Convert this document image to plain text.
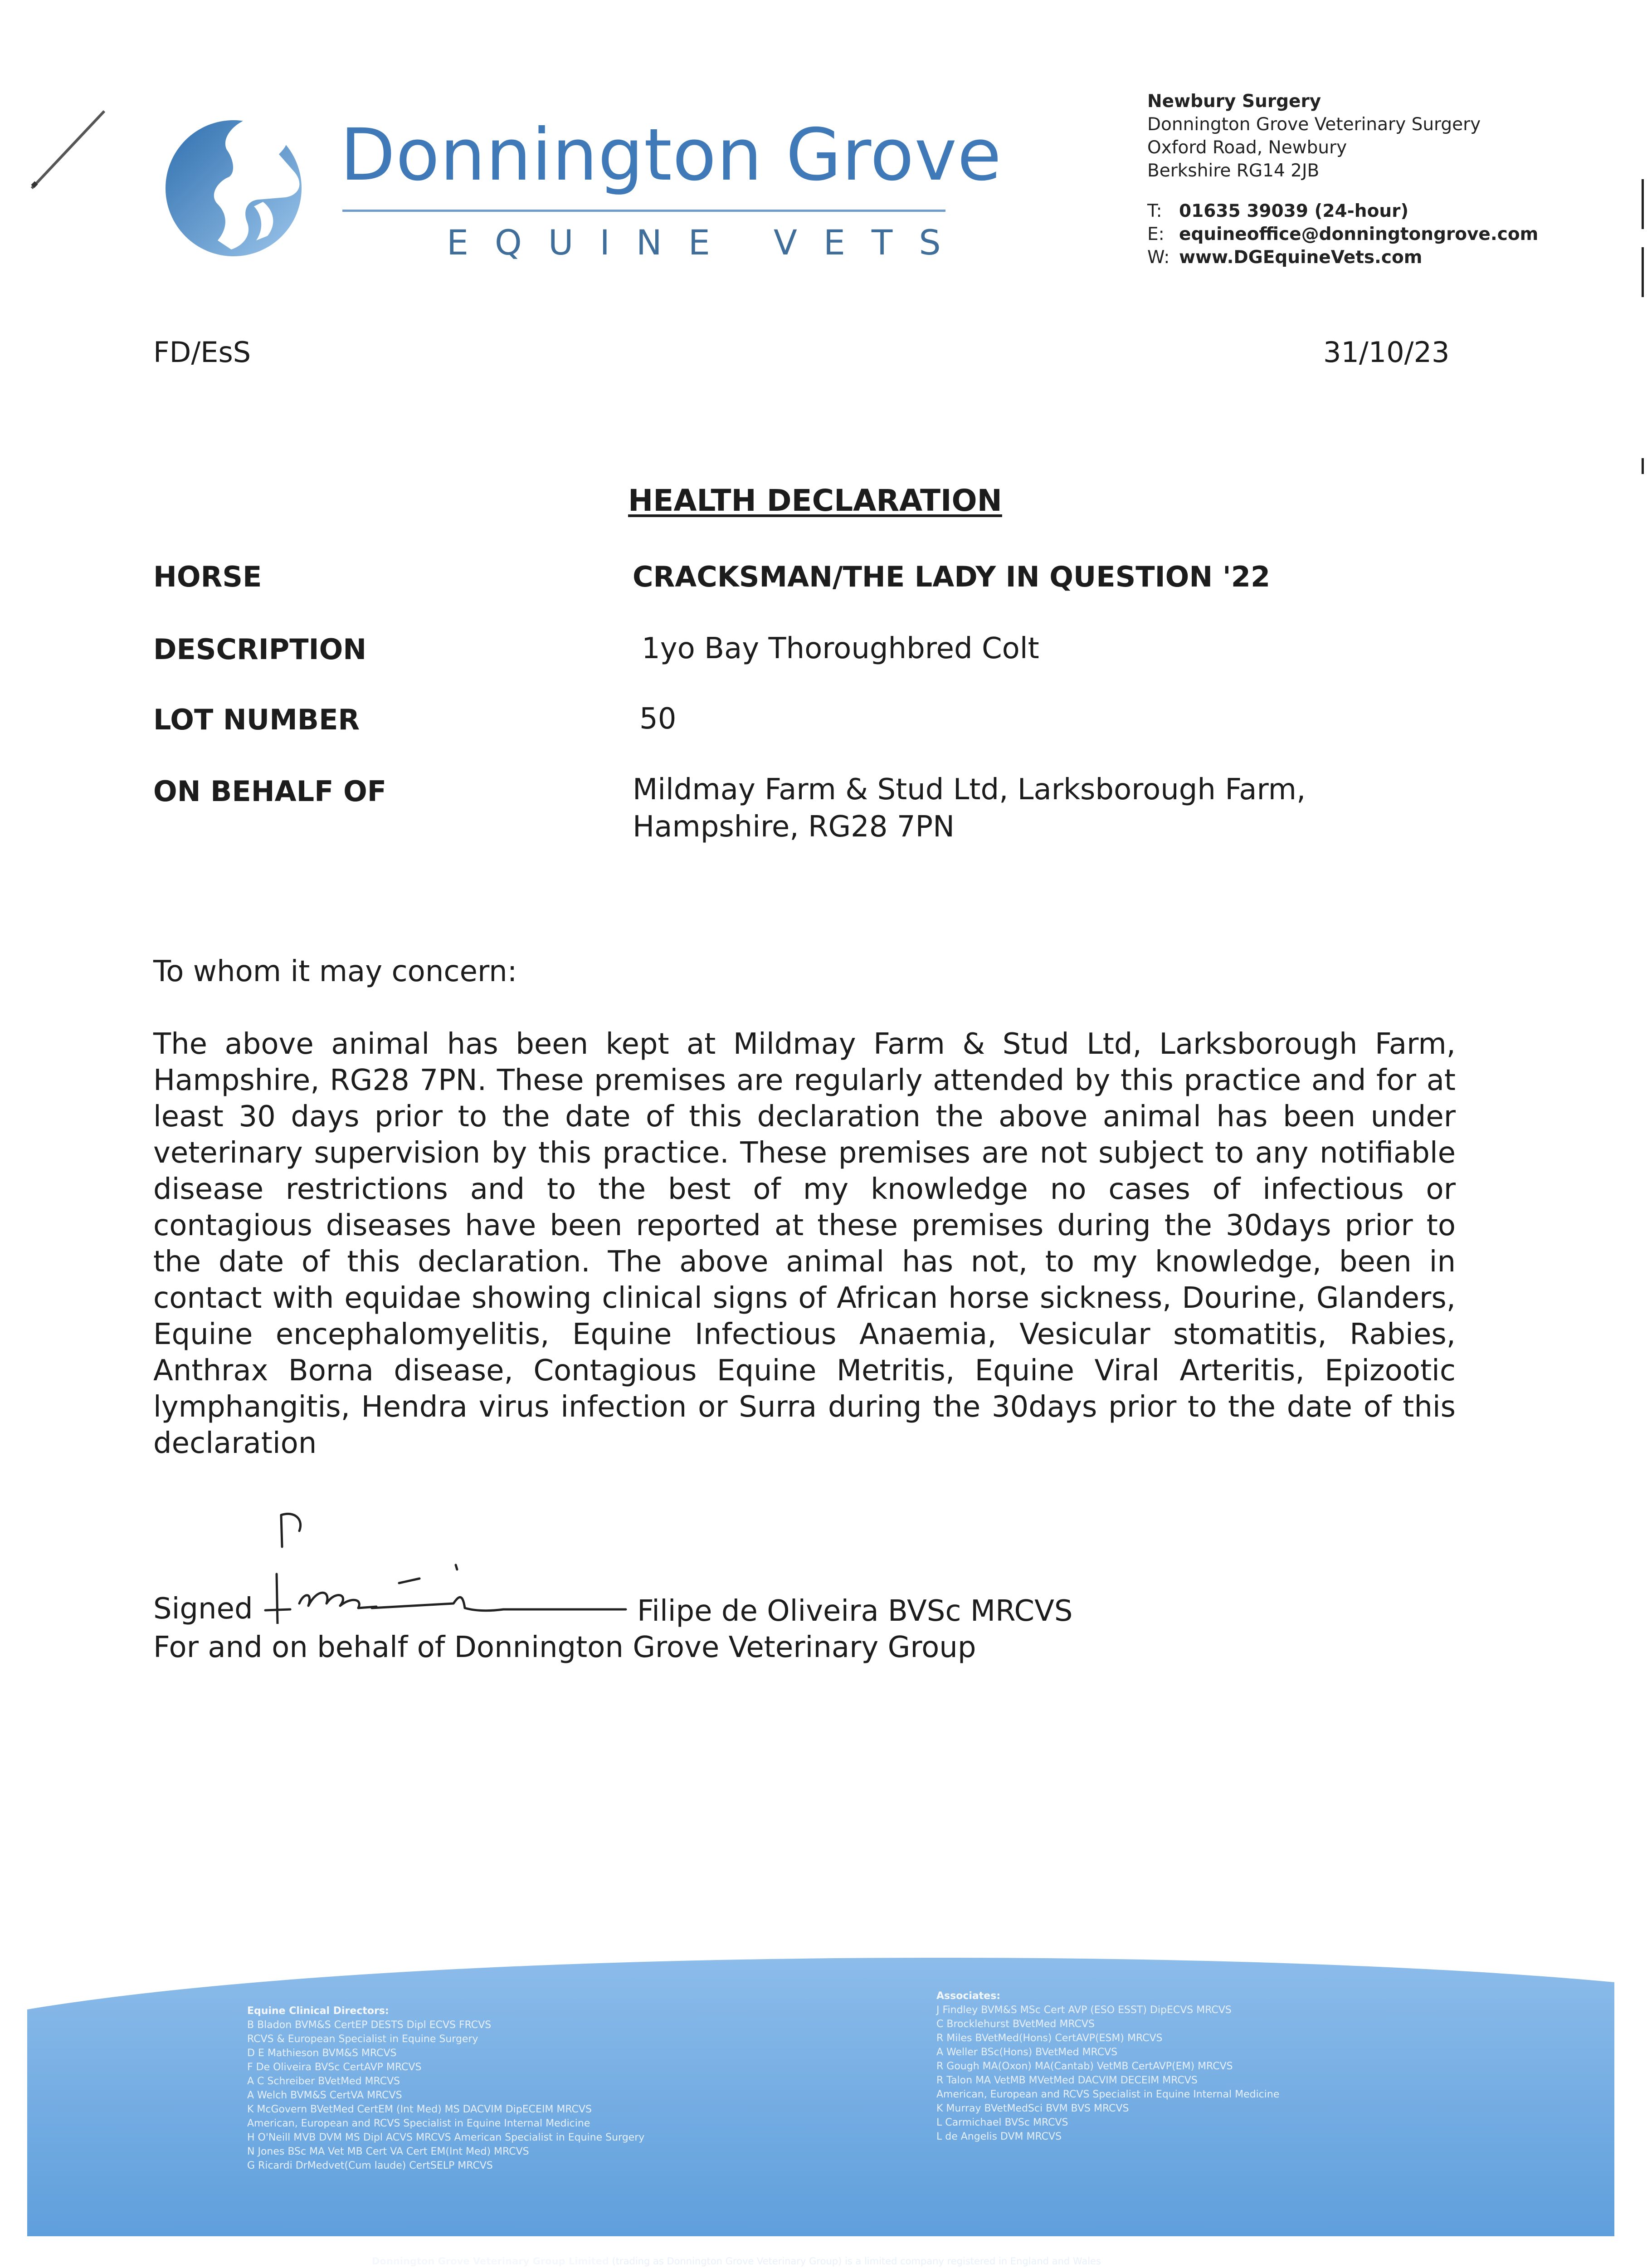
Donnington Grove
EQUINE VETS
Newbury Surgery
Donnington Grove Veterinary Surgery
Oxford Road, Newbury
Berkshire RG14 2JB
T: 01635 39039 (24-hour)
E: equineoffice@donningtongrove.com
W: www.DGEquineVets.com
FD/EsS	31/10/23
HEALTH DECLARATION
HORSE	CRACKSMAN/THE LADY IN QUESTION '22
DESCRIPTION	1yo Bay Thoroughbred Colt
LOT NUMBER	50
ON BEHALF OF	Mildmay Farm & Stud Ltd, Larksborough Farm,
Hampshire, RG28 7PN
To whom it may concern:
The above animal has been kept at Mildmay Farm & Stud Ltd, Larksborough Farm, Hampshire, RG28 7PN. These premises are regularly attended by this practice and for at least 30 days prior to the date of this declaration the above animal has been under veterinary supervision by this practice. These premises are not subject to any notifiable disease restrictions and to the best of my knowledge no cases of infectious or contagious diseases have been reported at these premises during the 30days prior to the date of this declaration. The above animal has not, to my knowledge, been in contact with equidae showing clinical signs of African horse sickness, Dourine, Glanders, Equine encephalomyelitis, Equine Infectious Anaemia, Vesicular stomatitis, Rabies, Anthrax Borna disease, Contagious Equine Metritis, Equine Viral Arteritis, Epizootic lymphangitis, Hendra virus infection or Surra during the 30days prior to the date of this declaration
Signed	Filipe de Oliveira BVSc MRCVS
For and on behalf of Donnington Grove Veterinary Group
Equine Clinical Directors:
B Bladon BVM&S CertEP DESTS Dipl ECVS FRCVS
RCVS & European Specialist in Equine Surgery
D E Mathieson BVM&S MRCVS
F De Oliveira BVSc CertAVP MRCVS
A C Schreiber BVetMed MRCVS
A Welch BVM&S CertVA MRCVS
K McGovern BVetMed CertEM (Int Med) MS DACVIM DipECEIM MRCVS
American, European and RCVS Specialist in Equine Internal Medicine
H O'Neill MVB DVM MS Dipl ACVS MRCVS American Specialist in Equine Surgery
N Jones BSc MA Vet MB Cert VA Cert EM(Int Med) MRCVS
G Ricardi DrMedvet(Cum laude) CertSELP MRCVS
Associates:
J Findley BVM&S MSc Cert AVP (ESO ESST) DipECVS MRCVS
C Brocklehurst BVetMed MRCVS
R Miles BVetMed(Hons) CertAVP(ESM) MRCVS
A Weller BSc(Hons) BVetMed MRCVS
R Gough MA(Oxon) MA(Cantab) VetMB CertAVP(EM) MRCVS
R Talon MA VetMB MVetMed DACVIM DECEIM MRCVS
American, European and RCVS Specialist in Equine Internal Medicine
K Murray BVetMedSci BVM BVS MRCVS
L Carmichael BVSc MRCVS
L de Angelis DVM MRCVS
Donnington Grove Veterinary Group Limited (trading as Donnington Grove Veterinary Group) is a limited company registered in England and Wales
